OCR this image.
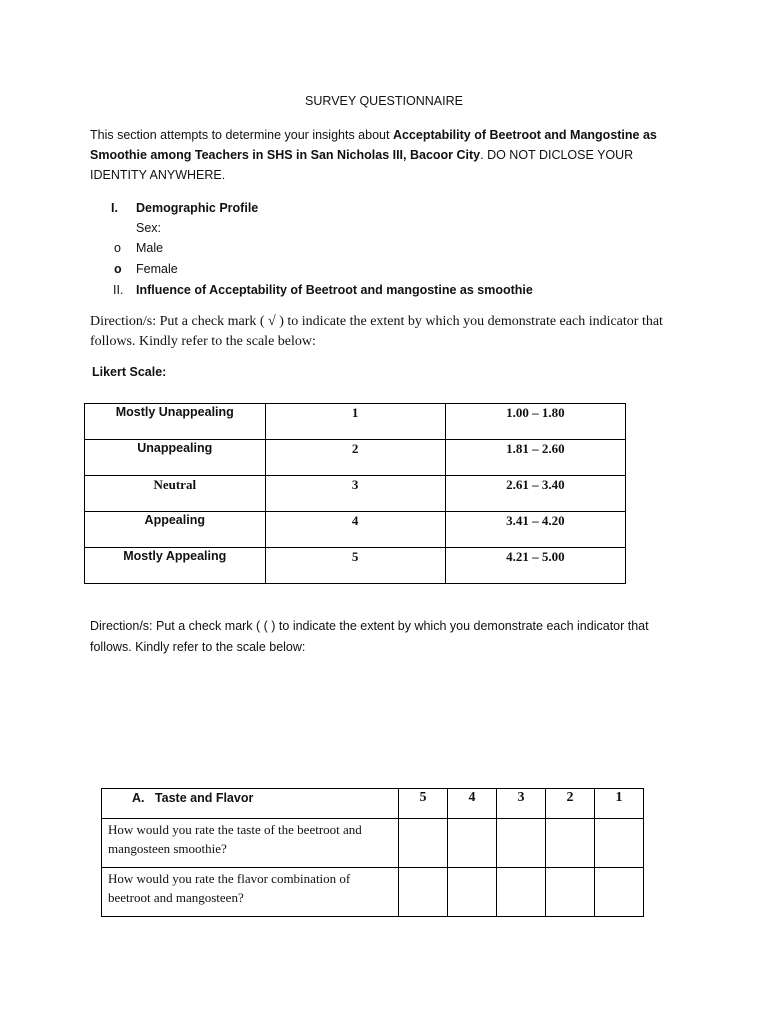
SURVEY QUESTIONNAIRE
This section attempts to determine your insights about Acceptability of Beetroot and Mangostine as Smoothie among Teachers in SHS in San Nicholas III, Bacoor City. DO NOT DICLOSE YOUR IDENTITY ANYWHERE.
I. Demographic Profile
Sex:
o Male
o Female
II. Influence of Acceptability of Beetroot and mangostine as smoothie
Direction/s: Put a check mark ( √ ) to indicate the extent by which you demonstrate each indicator that follows. Kindly refer to the scale below:
Likert Scale:
Mostly Unappealing	1	1.00 – 1.80

Unappealing	2	1.81 – 2.60

Neutral	3	2.61 – 3.40

Appealing	4	3.41 – 4.20

Mostly Appealing	5	4.21 – 5.00
Direction/s: Put a check mark ( ( ) to indicate the extent by which you demonstrate each indicator that follows. Kindly refer to the scale below:
A.   Taste and Flavor	5	4	3	2	1

How would you rate the taste of the beetroot and mangosteen smoothie?					

How would you rate the flavor combination of beetroot and mangosteen?					
